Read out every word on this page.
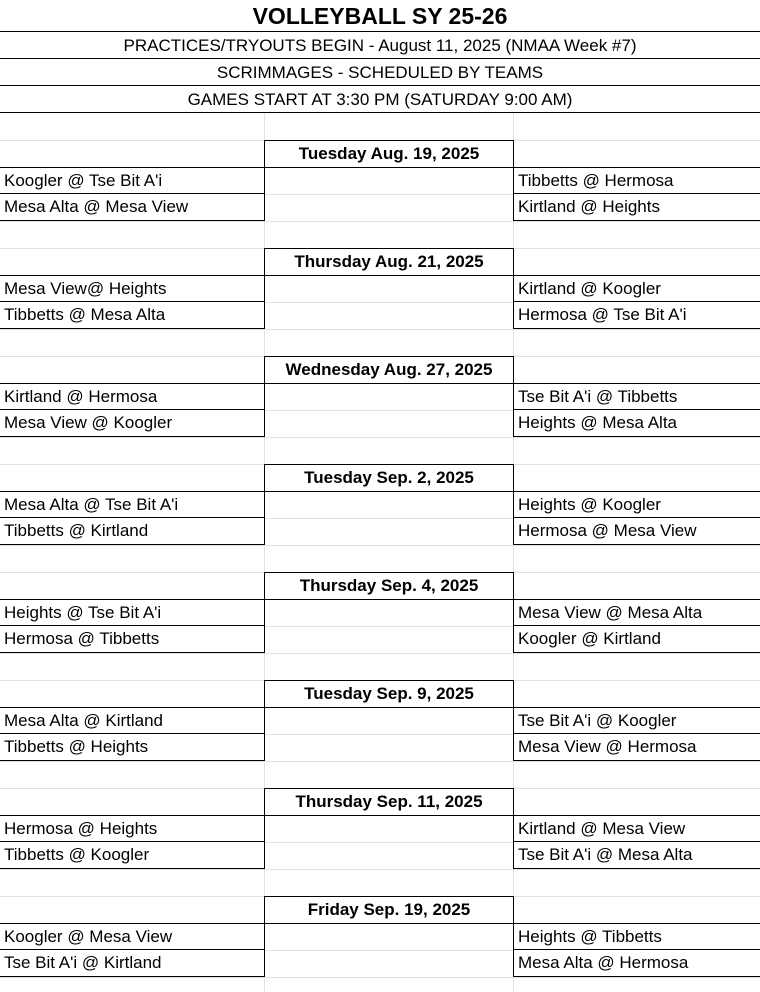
VOLLEYBALL SY 25-26
PRACTICES/TRYOUTS BEGIN - August 11, 2025 (NMAA Week #7)
SCRIMMAGES - SCHEDULED BY TEAMS
GAMES START AT 3:30 PM (SATURDAY 9:00 AM)
Tuesday Aug. 19, 2025
Koogler @ Tse Bit A'i
Mesa Alta @ Mesa View
Tibbetts @ Hermosa
Kirtland @ Heights
Thursday Aug. 21, 2025
Mesa View@ Heights
Tibbetts @ Mesa Alta
Kirtland @ Koogler
Hermosa @ Tse Bit A'i
Wednesday Aug. 27, 2025
Kirtland @ Hermosa
Mesa View @ Koogler
Tse Bit A'i @ Tibbetts
Heights @ Mesa Alta
Tuesday Sep. 2, 2025
Mesa Alta @ Tse Bit A'i
Tibbetts @ Kirtland
Heights @ Koogler
Hermosa @ Mesa View
Thursday Sep. 4, 2025
Heights @ Tse Bit A'i
Hermosa @ Tibbetts
Mesa View @ Mesa Alta
Koogler @ Kirtland
Tuesday Sep. 9, 2025
Mesa Alta @ Kirtland
Tibbetts @ Heights
Tse Bit A'i @ Koogler
Mesa View @ Hermosa
Thursday Sep. 11, 2025
Hermosa @ Heights
Tibbetts @ Koogler
Kirtland @ Mesa View
Tse Bit A'i @ Mesa Alta
Friday Sep. 19, 2025
Koogler @ Mesa View
Tse Bit A'i @ Kirtland
Heights @ Tibbetts
Mesa Alta @ Hermosa
